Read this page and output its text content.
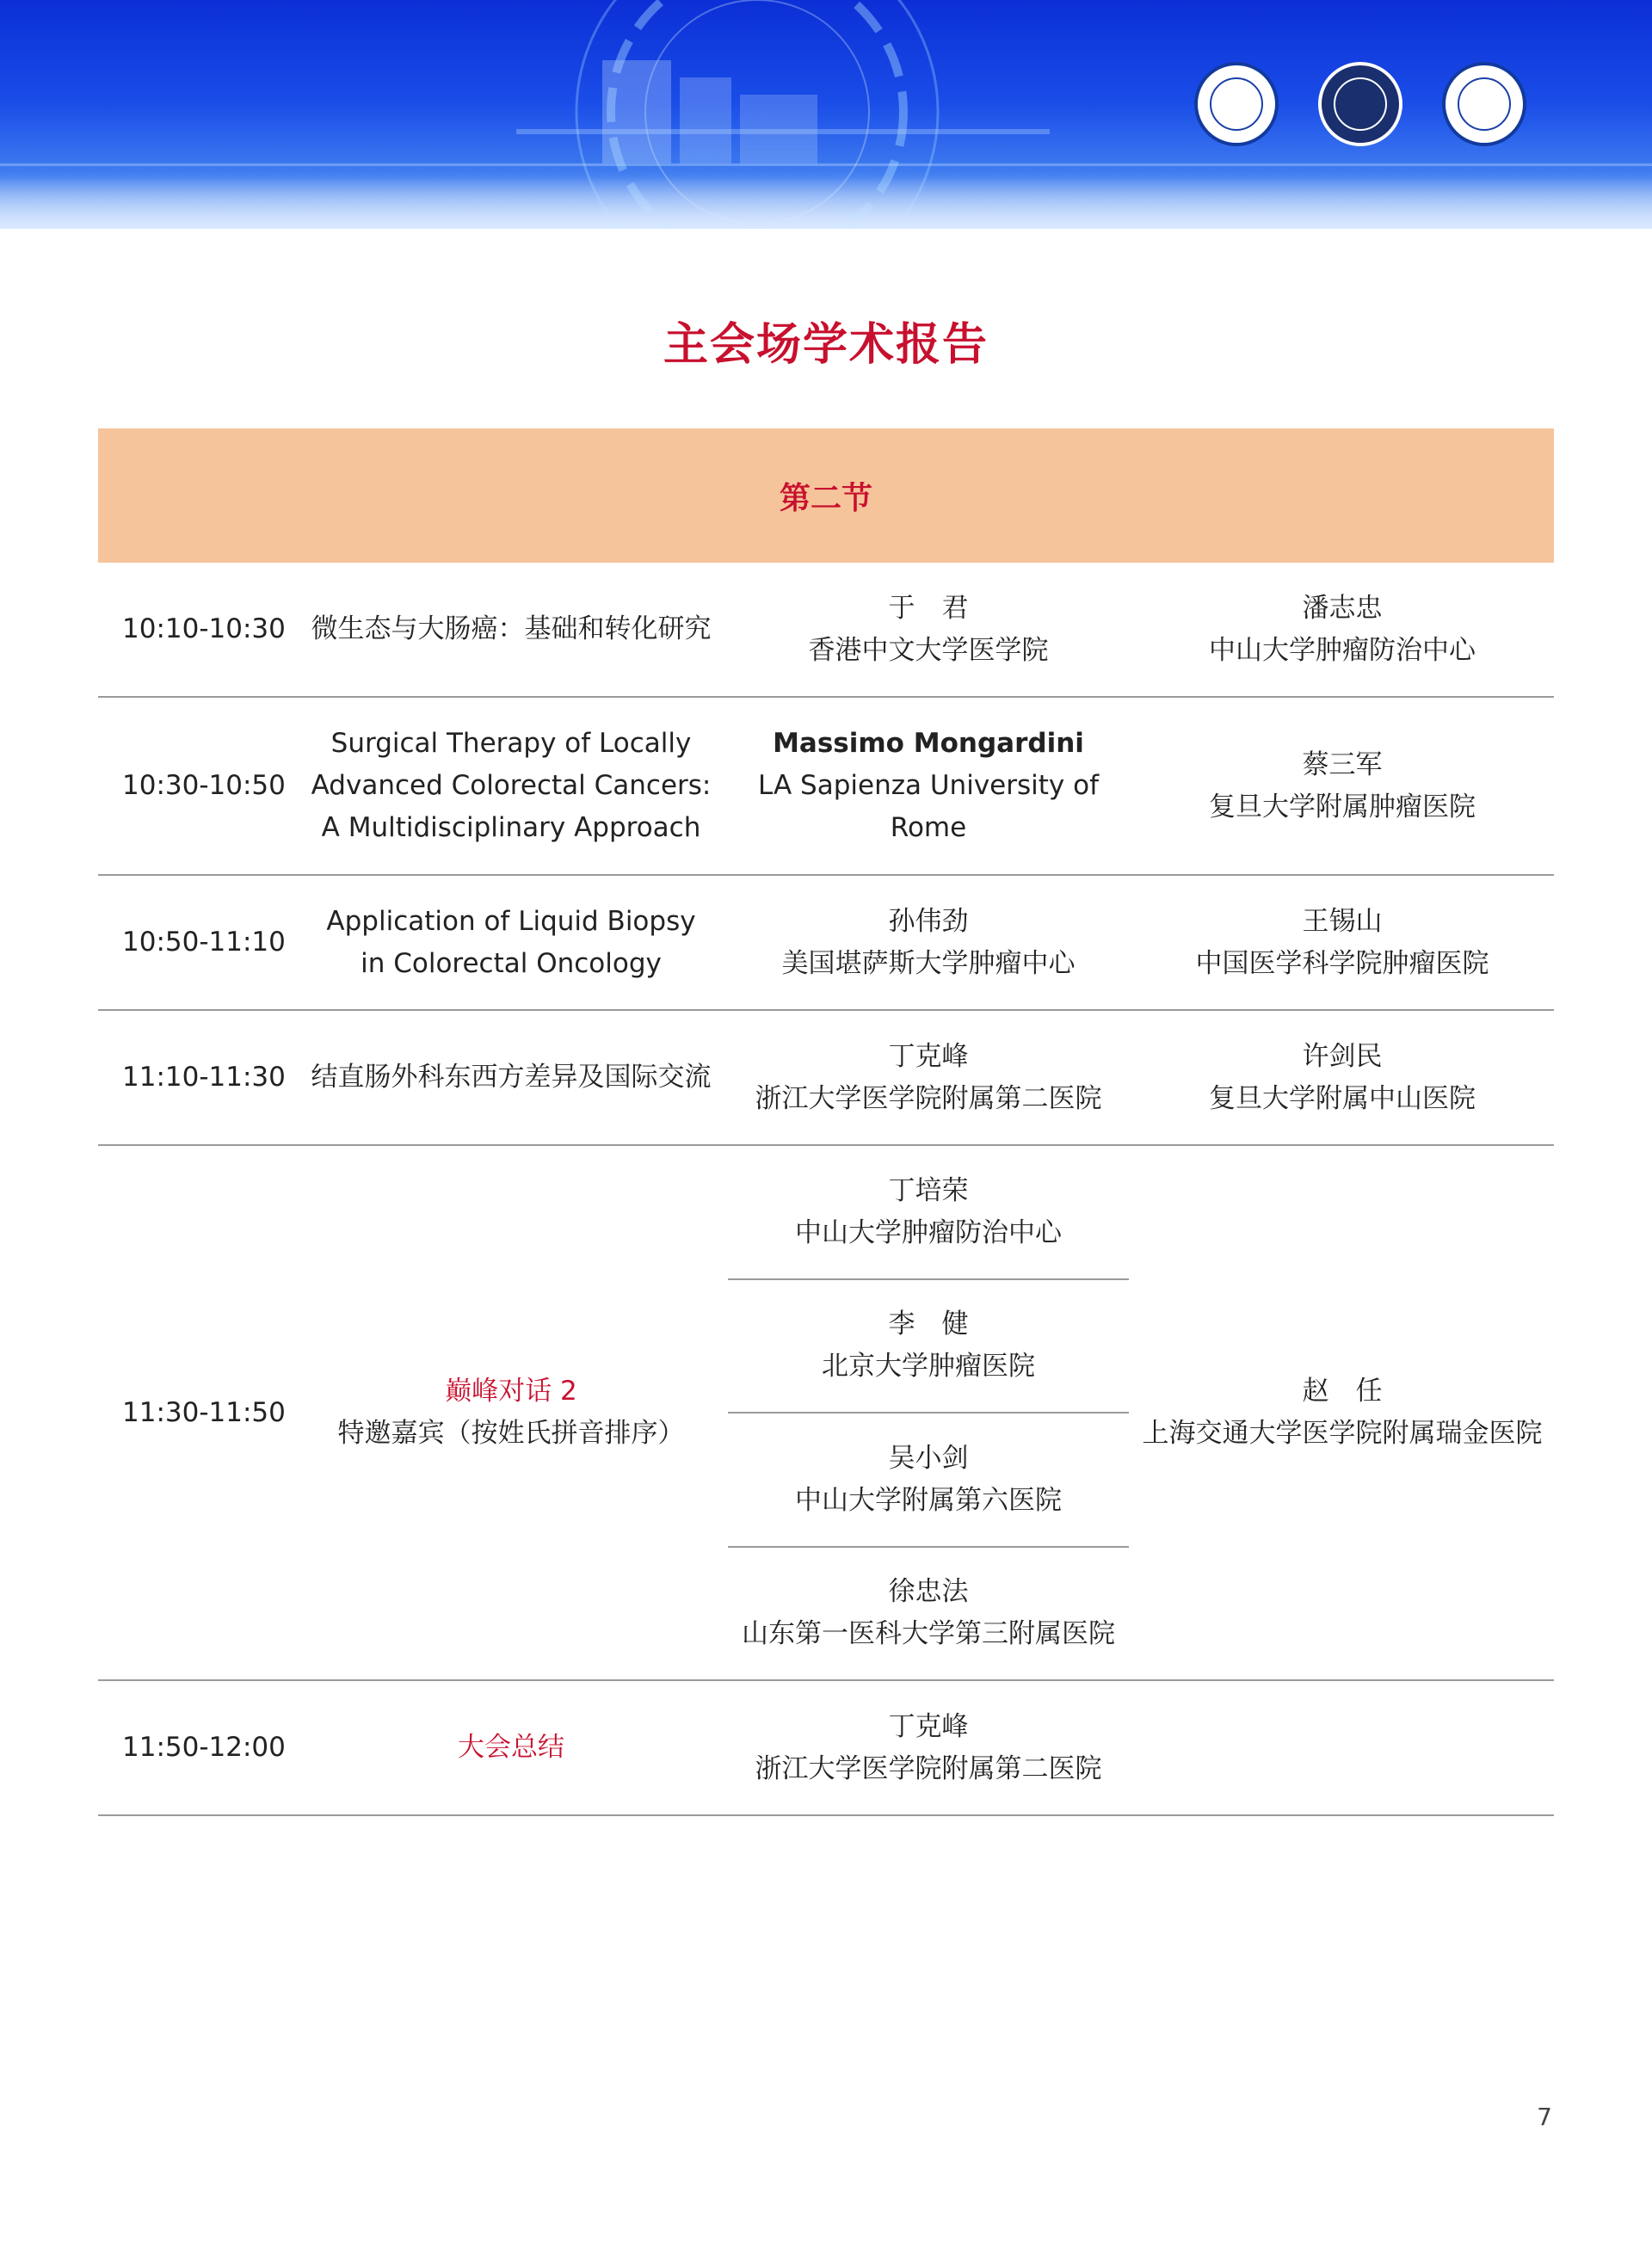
主会场学术报告
第二节
10:10-10:30 微生态与大肠癌：基础和转化研究
于　君
香港中文大学医学院
潘志忠
中山大学肿瘤防治中心
10:30-10:50
Surgical Therapy of Locally
Advanced Colorectal Cancers:
A Multidisciplinary Approach
Massimo Mongardini
LA Sapienza University of
Rome
蔡三军
复旦大学附属肿瘤医院
10:50-11:10
Application of Liquid Biopsy
in Colorectal Oncology
孙伟劲
美国堪萨斯大学肿瘤中心
王锡山
中国医学科学院肿瘤医院
11:10-11:30 结直肠外科东西方差异及国际交流
丁克峰
浙江大学医学院附属第二医院
许剑民
复旦大学附属中山医院
11:30-11:50
巅峰对话 2
特邀嘉宾（按姓氏拼音排序）
丁培荣
中山大学肿瘤防治中心
李　健
北京大学肿瘤医院
吴小剑
中山大学附属第六医院
徐忠法
山东第一医科大学第三附属医院
赵　任
上海交通大学医学院附属瑞金医院
11:50-12:00	大会总结
丁克峰
浙江大学医学院附属第二医院
7
